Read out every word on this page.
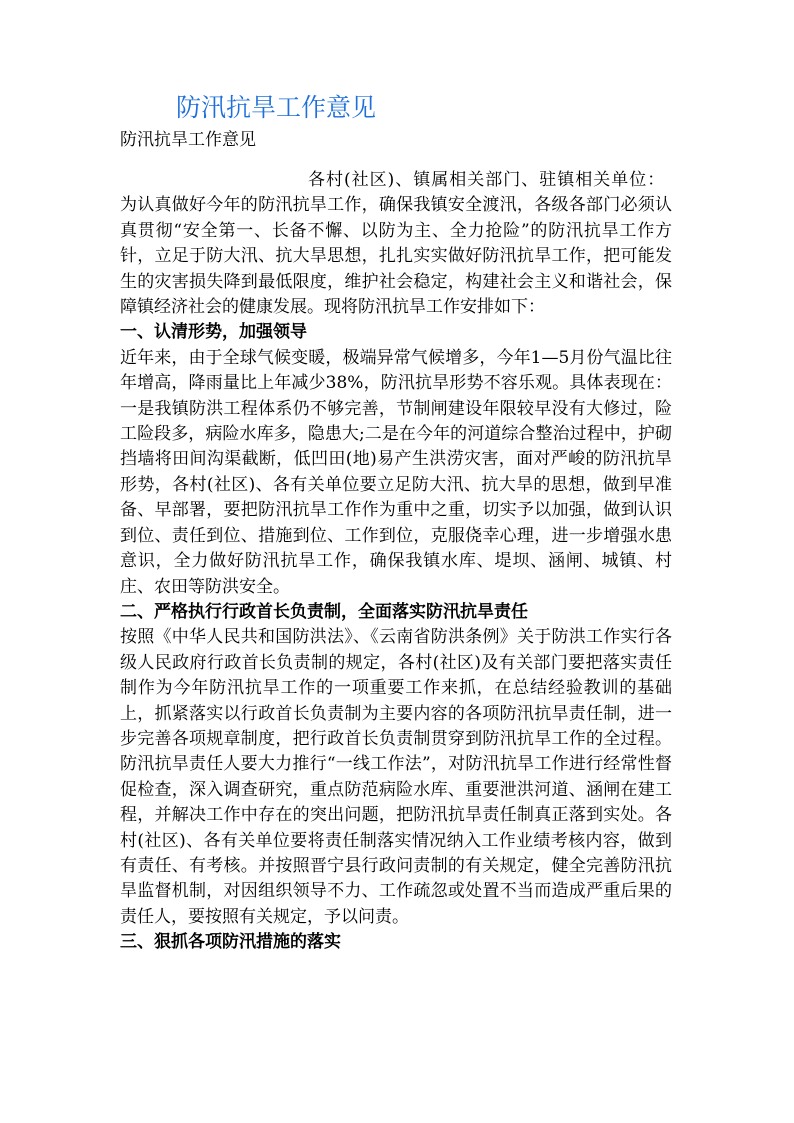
防汛抗旱工作意见

防汛抗旱工作意见

各村(社区)、镇属相关部门、驻镇相关单位：

为认真做好今年的防汛抗旱工作，确保我镇安全渡汛，各级各部门必须认真贯彻“安全第一、长备不懈、以防为主、全力抢险”的防汛抗旱工作方针，立足于防大汛、抗大旱思想，扎扎实实做好防汛抗旱工作，把可能发生的灾害损失降到最低限度，维护社会稳定，构建社会主义和谐社会，保障镇经济社会的健康发展。现将防汛抗旱工作安排如下：

一、认清形势，加强领导

近年来，由于全球气候变暖，极端异常气候增多，今年1—5月份气温比往年增高，降雨量比上年减少38%，防汛抗旱形势不容乐观。具体表现在：一是我镇防洪工程体系仍不够完善，节制闸建设年限较早没有大修过，险工险段多，病险水库多，隐患大;二是在今年的河道综合整治过程中，护砌挡墙将田间沟渠截断，低凹田(地)易产生洪涝灾害，面对严峻的防汛抗旱形势，各村(社区)、各有关单位要立足防大汛、抗大旱的思想，做到早准备、早部署，要把防汛抗旱工作作为重中之重，切实予以加强，做到认识到位、责任到位、措施到位、工作到位，克服侥幸心理，进一步增强水患意识，全力做好防汛抗旱工作，确保我镇水库、堤坝、涵闸、城镇、村庄、农田等防洪安全。

二、严格执行行政首长负责制，全面落实防汛抗旱责任

按照《中华人民共和国防洪法》、《云南省防洪条例》关于防洪工作实行各级人民政府行政首长负责制的规定，各村(社区)及有关部门要把落实责任制作为今年防汛抗旱工作的一项重要工作来抓，在总结经验教训的基础上，抓紧落实以行政首长负责制为主要内容的各项防汛抗旱责任制，进一步完善各项规章制度，把行政首长负责制贯穿到防汛抗旱工作的全过程。防汛抗旱责任人要大力推行“一线工作法”，对防汛抗旱工作进行经常性督促检查，深入调查研究，重点防范病险水库、重要泄洪河道、涵闸在建工程，并解决工作中存在的突出问题，把防汛抗旱责任制真正落到实处。各村(社区)、各有关单位要将责任制落实情况纳入工作业绩考核内容，做到有责任、有考核。并按照晋宁县行政问责制的有关规定，健全完善防汛抗旱监督机制，对因组织领导不力、工作疏忽或处置不当而造成严重后果的责任人，要按照有关规定，予以问责。

三、狠抓各项防汛措施的落实
